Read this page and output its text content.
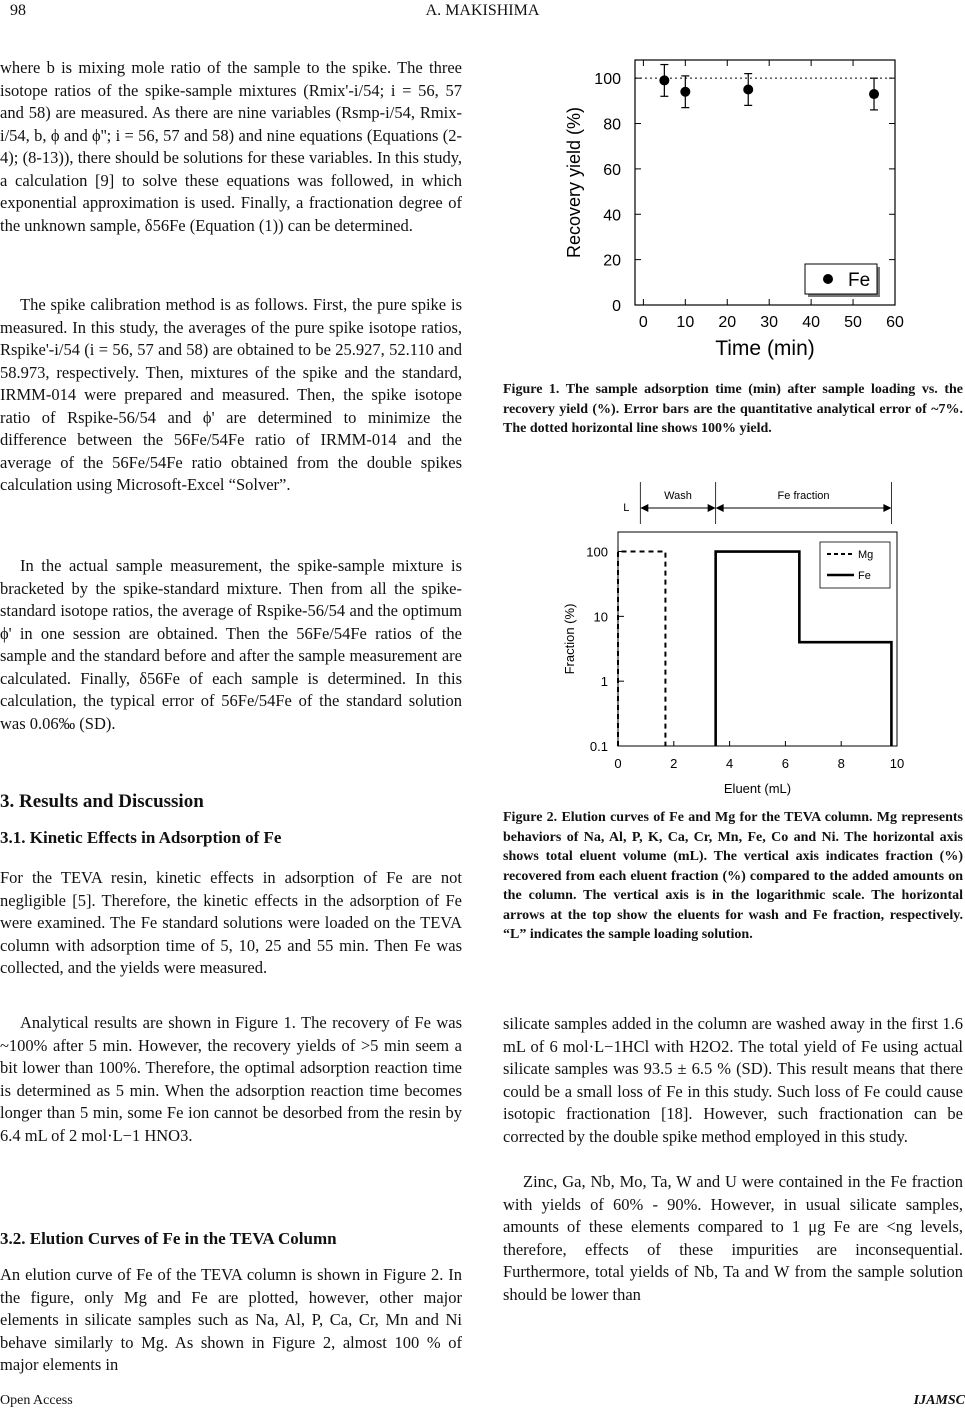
98	A. MAKISHIMA

where b is mixing mole ratio of the sample to the spike. The three isotope ratios of the spike-sample mixtures (Rmix'-i/54; i = 56, 57 and 58) are measured. As there are nine variables (Rsmp-i/54, Rmix-i/54, b, ϕ and ϕ''; i = 56, 57 and 58) and nine equations (Equations (2-4); (8-13)), there should be solutions for these variables. In this study, a calculation [9] to solve these equations was followed, in which exponential approximation is used. Finally, a fractionation degree of the unknown sample, δ56Fe (Equation (1)) can be determined.

The spike calibration method is as follows. First, the pure spike is measured. In this study, the averages of the pure spike isotope ratios, Rspike'-i/54 (i = 56, 57 and 58) are obtained to be 25.927, 52.110 and 58.973, respectively. Then, mixtures of the spike and the standard, IRMM-014 were prepared and measured. Then, the spike isotope ratio of Rspike-56/54 and ϕ' are determined to minimize the difference between the 56Fe/54Fe ratio of IRMM-014 and the average of the 56Fe/54Fe ratio obtained from the double spikes calculation using Microsoft-Excel “Solver”.

In the actual sample measurement, the spike-sample mixture is bracketed by the spike-standard mixture. Then from all the spike-standard isotope ratios, the average of Rspike-56/54 and the optimum ϕ' in one session are obtained. Then the 56Fe/54Fe ratios of the sample and the standard before and after the sample measurement are calculated. Finally, δ56Fe of each sample is determined. In this calculation, the typical error of 56Fe/54Fe of the standard solution was 0.06‰ (SD).

3. Results and Discussion
3.1. Kinetic Effects in Adsorption of Fe

For the TEVA resin, kinetic effects in adsorption of Fe are not negligible [5]. Therefore, the kinetic effects in the adsorption of Fe were examined. The Fe standard solutions were loaded on the TEVA column with adsorption time of 5, 10, 25 and 55 min. Then Fe was collected, and the yields were measured.

Analytical results are shown in Figure 1. The recovery of Fe was ~100% after 5 min. However, the recovery yields of >5 min seem a bit lower than 100%. Therefore, the optimal adsorption reaction time is determined as 5 min. When the adsorption reaction time becomes longer than 5 min, some Fe ion cannot be desorbed from the resin by 6.4 mL of 2 mol·L−1 HNO3.

3.2. Elution Curves of Fe in the TEVA Column

An elution curve of Fe of the TEVA column is shown in Figure 2. In the figure, only Mg and Fe are plotted, however, other major elements in silicate samples such as Na, Al, P, Ca, Cr, Mn and Ni behave similarly to Mg. As shown in Figure 2, almost 100 % of major elements in

0 10 20 30 40 50 60
0
20
40
60
80
100
Fe
Time (min)
Recovery yield (%)

Figure 1. The sample adsorption time (min) after sample loading vs. the recovery yield (%). Error bars are the quantitative analytical error of ~7%. The dotted horizontal line shows 100% yield.

0	2	4	6	8	10
0.1
1
10
100	Mg
Fe
L
Wash	Fe fraction
Eluent (mL)
Fraction (%)

Figure 2. Elution curves of Fe and Mg for the TEVA column. Mg represents behaviors of Na, Al, P, K, Ca, Cr, Mn, Fe, Co and Ni. The horizontal axis shows total eluent volume (mL). The vertical axis indicates fraction (%) recovered from each eluent fraction (%) compared to the added amounts on the column. The vertical axis is in the logarithmic scale. The horizontal arrows at the top show the eluents for wash and Fe fraction, respectively. “L” indicates the sample loading solution.

silicate samples added in the column are washed away in the first 1.6 mL of 6 mol·L−1HCl with H2O2. The total yield of Fe using actual silicate samples was 93.5 ± 6.5 % (SD). This result means that there could be a small loss of Fe in this study. Such loss of Fe could cause isotopic fractionation [18]. However, such fractionation can be corrected by the double spike method employed in this study.

Zinc, Ga, Nb, Mo, Ta, W and U were contained in the Fe fraction with yields of 60% - 90%. However, in usual silicate samples, amounts of these elements compared to 1 μg Fe are <ng levels, therefore, effects of these impurities are inconsequential. Furthermore, total yields of Nb, Ta and W from the sample solution should be lower than

Open Access	IJAMSC
